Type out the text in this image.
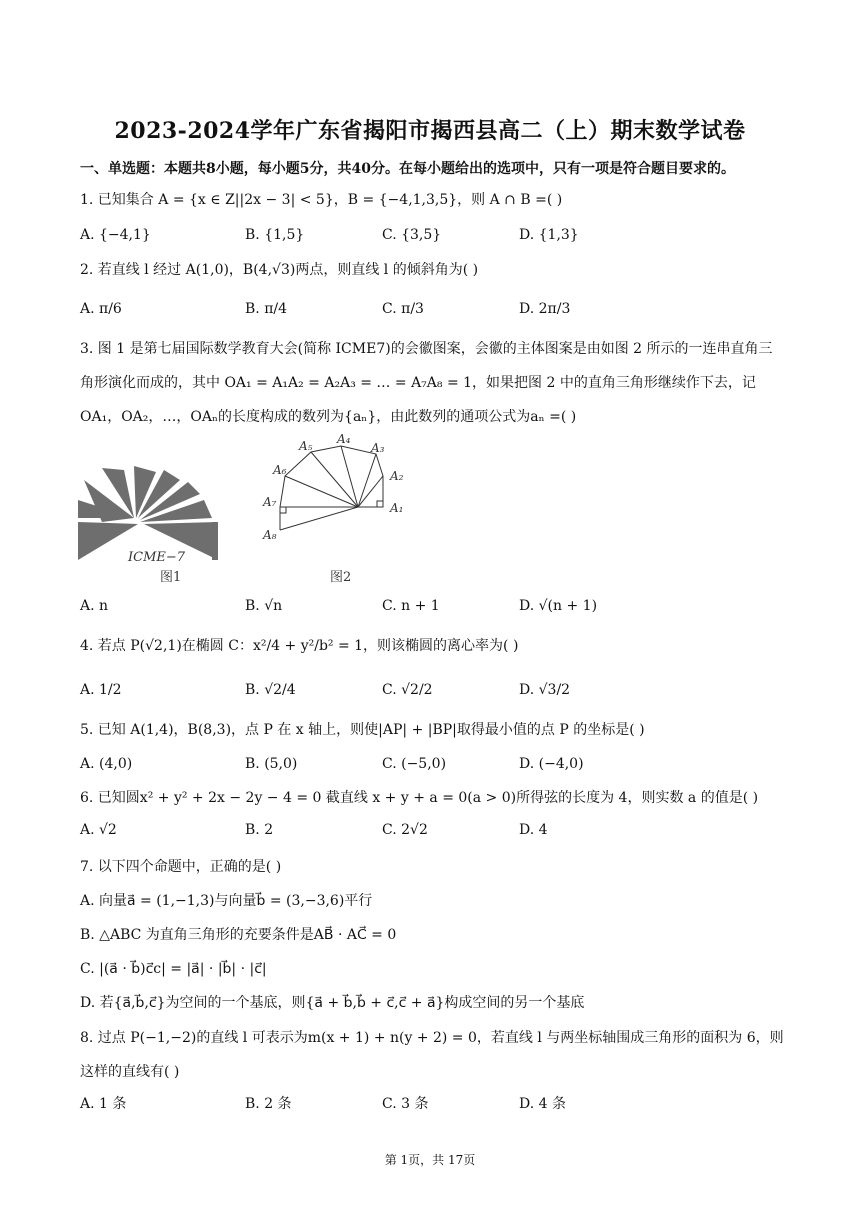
2023-2024学年广东省揭阳市揭西县高二（上）期末数学试卷
一、单选题：本题共8小题，每小题5分，共40分。在每小题给出的选项中，只有一项是符合题目要求的。
1. 已知集合 A = {x ∈ Z||2x − 3| < 5}，B = {−4,1,3,5}，则 A ∩ B =( )
A. {−4,1}	B. {1,5}	C. {3,5}	D. {1,3}
2. 若直线 l 经过 A(1,0)，B(4,√3)两点，则直线 l 的倾斜角为( )
A. π/6	B. π/4	C. π/3	D. 2π/3
3. 图 1 是第七届国际数学教育大会(简称 ICME7)的会徽图案，会徽的主体图案是由如图 2 所示的一连串直角三角形演化而成的，其中 OA₁ = A₁A₂ = A₂A₃ = … = A₇A₈ = 1，如果把图 2 中的直角三角形继续作下去，记 OA₁，OA₂，…，OAₙ的长度构成的数列为{aₙ}，由此数列的通项公式为aₙ =( )
ICME−7
图1
A₁
A₂
A₃
A₄
A₅
A₆
A₇
A₈
图2
A. n	B. √n	C. n + 1	D. √(n + 1)
4. 若点 P(√2,1)在椭圆 C：x²/4 + y²/b² = 1，则该椭圆的离心率为( )
A. 1/2	B. √2/4	C. √2/2	D. √3/2
5. 已知 A(1,4)，B(8,3)，点 P 在 x 轴上，则使|AP| + |BP|取得最小值的点 P 的坐标是( )
A. (4,0)	B. (5,0)	C. (−5,0)	D. (−4,0)
6. 已知圆x² + y² + 2x − 2y − 4 = 0 截直线 x + y + a = 0(a > 0)所得弦的长度为 4，则实数 a 的值是( )
A. √2	B. 2	C. 2√2	D. 4
7. 以下四个命题中，正确的是( )
A. 向量a⃗ = (1,−1,3)与向量b⃗ = (3,−3,6)平行
B. △ABC 为直角三角形的充要条件是AB⃗ · AC⃗ = 0
C. |(a⃗ · b⃗)c⃗c| = |a⃗| · |b⃗| · |c⃗|
D. 若{a⃗,b⃗,c⃗}为空间的一个基底，则{a⃗ + b⃗,b⃗ + c⃗,c⃗ + a⃗}构成空间的另一个基底
8. 过点 P(−1,−2)的直线 l 可表示为m(x + 1) + n(y + 2) = 0，若直线 l 与两坐标轴围成三角形的面积为 6，则这样的直线有( )
A. 1 条	B. 2 条	C. 3 条	D. 4 条
第 1页，共 17页
